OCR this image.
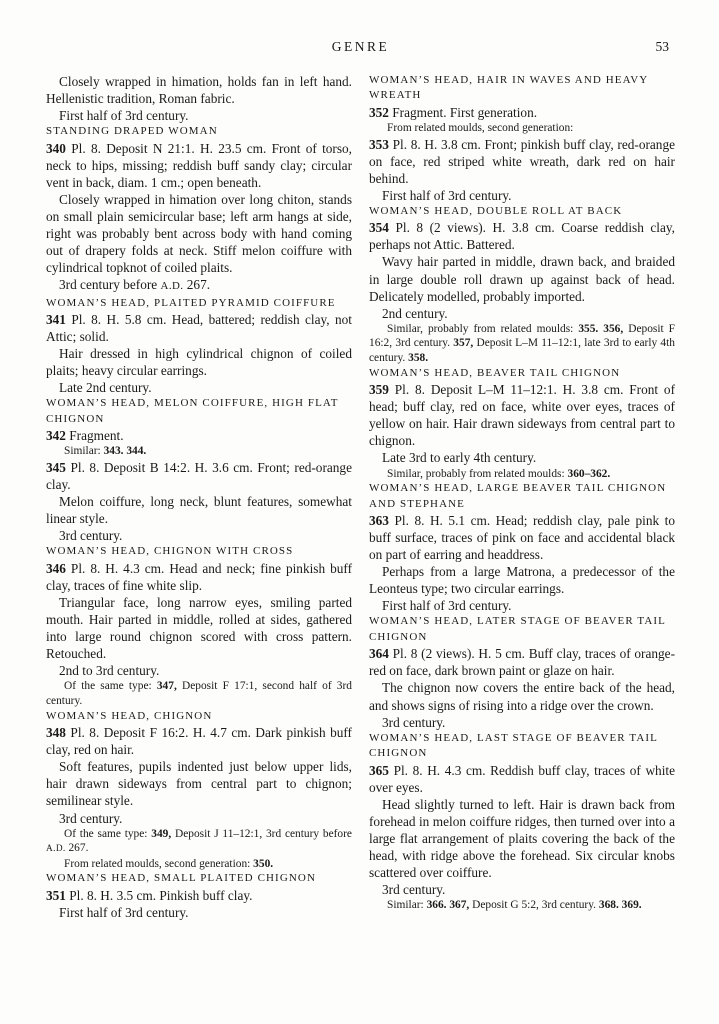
GENRE	53

Closely wrapped in himation, holds fan in left hand. Hellenistic tradition, Roman fabric.

First half of 3rd century.

STANDING DRAPED WOMAN

340 Pl. 8. Deposit N 21:1. H. 23.5 cm. Front of torso, neck to hips, missing; reddish buff sandy clay; circular vent in back, diam. 1 cm.; open beneath.

Closely wrapped in himation over long chiton, stands on small plain semicircular base; left arm hangs at side, right was probably bent across body with hand coming out of drapery folds at neck. Stiff melon coiffure with cylindrical topknot of coiled plaits.

3rd century before A.D. 267.

WOMAN’S HEAD, PLAITED PYRAMID COIFFURE

341 Pl. 8. H. 5.8 cm. Head, battered; reddish clay, not Attic; solid.

Hair dressed in high cylindrical chignon of coiled plaits; heavy circular earrings.

Late 2nd century.

WOMAN’S HEAD, MELON COIFFURE, HIGH FLAT CHIGNON

342 Fragment.

Similar: 343. 344.

345 Pl. 8. Deposit B 14:2. H. 3.6 cm. Front; red-orange clay.

Melon coiffure, long neck, blunt features, somewhat linear style.

3rd century.

WOMAN’S HEAD, CHIGNON WITH CROSS

346 Pl. 8. H. 4.3 cm. Head and neck; fine pinkish buff clay, traces of fine white slip.

Triangular face, long narrow eyes, smiling parted mouth. Hair parted in middle, rolled at sides, gathered into large round chignon scored with cross pattern. Retouched.

2nd to 3rd century.

Of the same type: 347, Deposit F 17:1, second half of 3rd century.

WOMAN’S HEAD, CHIGNON

348 Pl. 8. Deposit F 16:2. H. 4.7 cm. Dark pinkish buff clay, red on hair.

Soft features, pupils indented just below upper lids, hair drawn sideways from central part to chignon; semilinear style.

3rd century.

Of the same type: 349, Deposit J 11–12:1, 3rd century before A.D. 267.

From related moulds, second generation: 350.

WOMAN’S HEAD, SMALL PLAITED CHIGNON

351 Pl. 8. H. 3.5 cm. Pinkish buff clay.

First half of 3rd century.

WOMAN’S HEAD, HAIR IN WAVES AND HEAVY WREATH

352 Fragment. First generation.

From related moulds, second generation:

353 Pl. 8. H. 3.8 cm. Front; pinkish buff clay, red-orange on face, red striped white wreath, dark red on hair behind.

First half of 3rd century.

WOMAN’S HEAD, DOUBLE ROLL AT BACK

354 Pl. 8 (2 views). H. 3.8 cm. Coarse reddish clay, perhaps not Attic. Battered.

Wavy hair parted in middle, drawn back, and braided in large double roll drawn up against back of head. Delicately modelled, probably imported.

2nd century.

Similar, probably from related moulds: 355. 356, Deposit F 16:2, 3rd century. 357, Deposit L–M 11–12:1, late 3rd to early 4th century. 358.

WOMAN’S HEAD, BEAVER TAIL CHIGNON

359 Pl. 8. Deposit L–M 11–12:1. H. 3.8 cm. Front of head; buff clay, red on face, white over eyes, traces of yellow on hair. Hair drawn sideways from central part to chignon.

Late 3rd to early 4th century.

Similar, probably from related moulds: 360–362.

WOMAN’S HEAD, LARGE BEAVER TAIL CHIGNON AND STEPHANE

363 Pl. 8. H. 5.1 cm. Head; reddish clay, pale pink to buff surface, traces of pink on face and accidental black on part of earring and headdress.

Perhaps from a large Matrona, a predecessor of the Leonteus type; two circular earrings.

First half of 3rd century.

WOMAN’S HEAD, LATER STAGE OF BEAVER TAIL CHIGNON

364 Pl. 8 (2 views). H. 5 cm. Buff clay, traces of orange-red on face, dark brown paint or glaze on hair.

The chignon now covers the entire back of the head, and shows signs of rising into a ridge over the crown.

3rd century.

WOMAN’S HEAD, LAST STAGE OF BEAVER TAIL CHIGNON

365 Pl. 8. H. 4.3 cm. Reddish buff clay, traces of white over eyes.

Head slightly turned to left. Hair is drawn back from forehead in melon coiffure ridges, then turned over into a large flat arrangement of plaits covering the back of the head, with ridge above the forehead. Six circular knobs scattered over coiffure.

3rd century.

Similar: 366. 367, Deposit G 5:2, 3rd century. 368. 369.
